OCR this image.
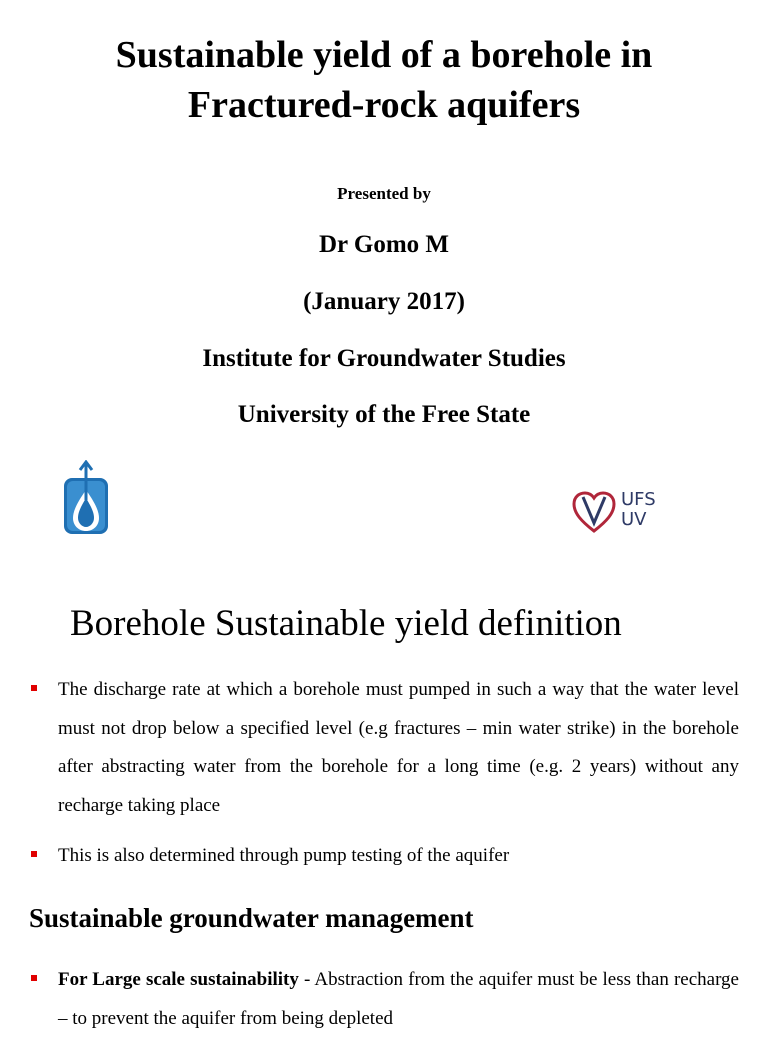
Sustainable yield of a borehole in
Fractured-rock aquifers
Presented by
Dr Gomo M
(January 2017)
Institute for Groundwater Studies
University of the Free State
UFS
UV
Borehole Sustainable yield definition
The discharge rate at which a borehole must pumped in such a way that the water level must not drop below a specified level (e.g fractures – min water strike) in the borehole after abstracting water from the borehole for a long time (e.g. 2 years) without any recharge taking place
This is also determined through pump testing of the aquifer
Sustainable groundwater management
For Large scale sustainability - Abstraction from the aquifer must be less than recharge – to prevent the aquifer from being depleted
